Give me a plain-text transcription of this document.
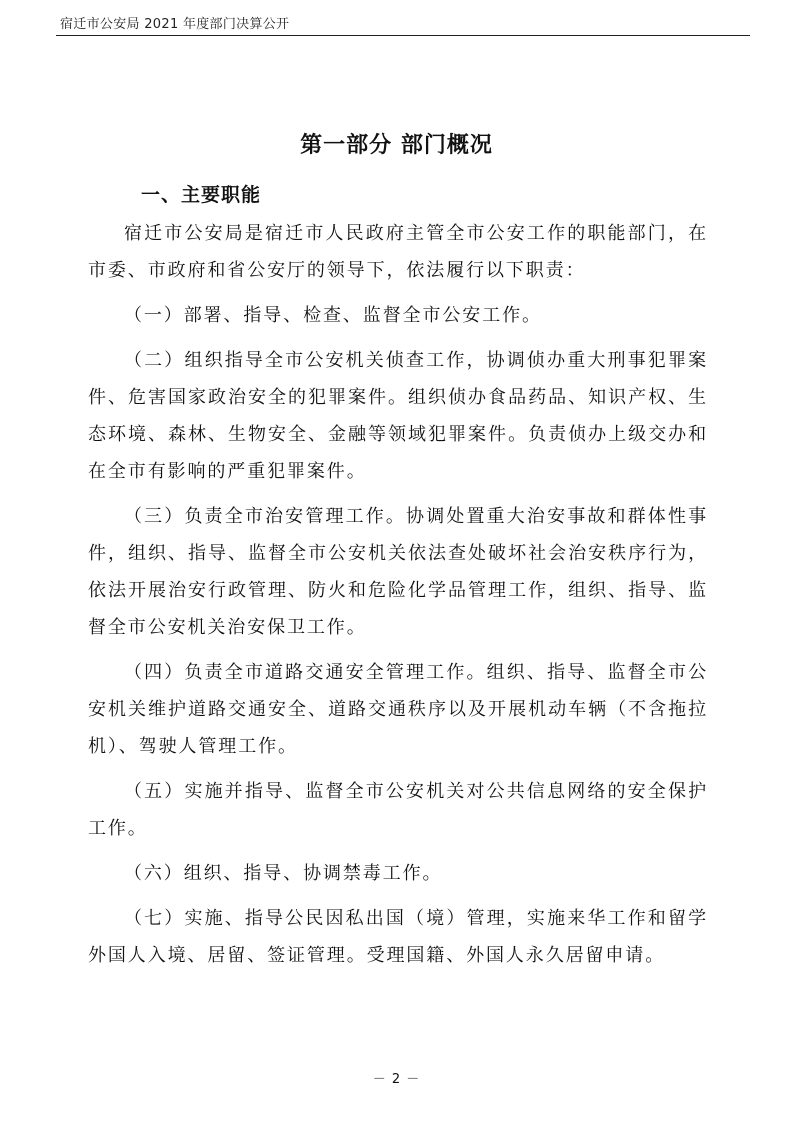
宿迁市公安局 2021 年度部门决算公开
第一部分 部门概况
一、主要职能

宿迁市公安局是宿迁市人民政府主管全市公安工作的职能部门，在市委、市政府和省公安厅的领导下，依法履行以下职责：

（一）部署、指导、检查、监督全市公安工作。

（二）组织指导全市公安机关侦查工作，协调侦办重大刑事犯罪案件、危害国家政治安全的犯罪案件。组织侦办食品药品、知识产权、生态环境、森林、生物安全、金融等领域犯罪案件。负责侦办上级交办和在全市有影响的严重犯罪案件。

（三）负责全市治安管理工作。协调处置重大治安事故和群体性事件，组织、指导、监督全市公安机关依法查处破坏社会治安秩序行为，依法开展治安行政管理、防火和危险化学品管理工作，组织、指导、监督全市公安机关治安保卫工作。

（四）负责全市道路交通安全管理工作。组织、指导、监督全市公安机关维护道路交通安全、道路交通秩序以及开展机动车辆（不含拖拉机）、驾驶人管理工作。

（五）实施并指导、监督全市公安机关对公共信息网络的安全保护工作。

（六）组织、指导、协调禁毒工作。

（七）实施、指导公民因私出国（境）管理，实施来华工作和留学外国人入境、居留、签证管理。受理国籍、外国人永久居留申请。

－ 2 －
